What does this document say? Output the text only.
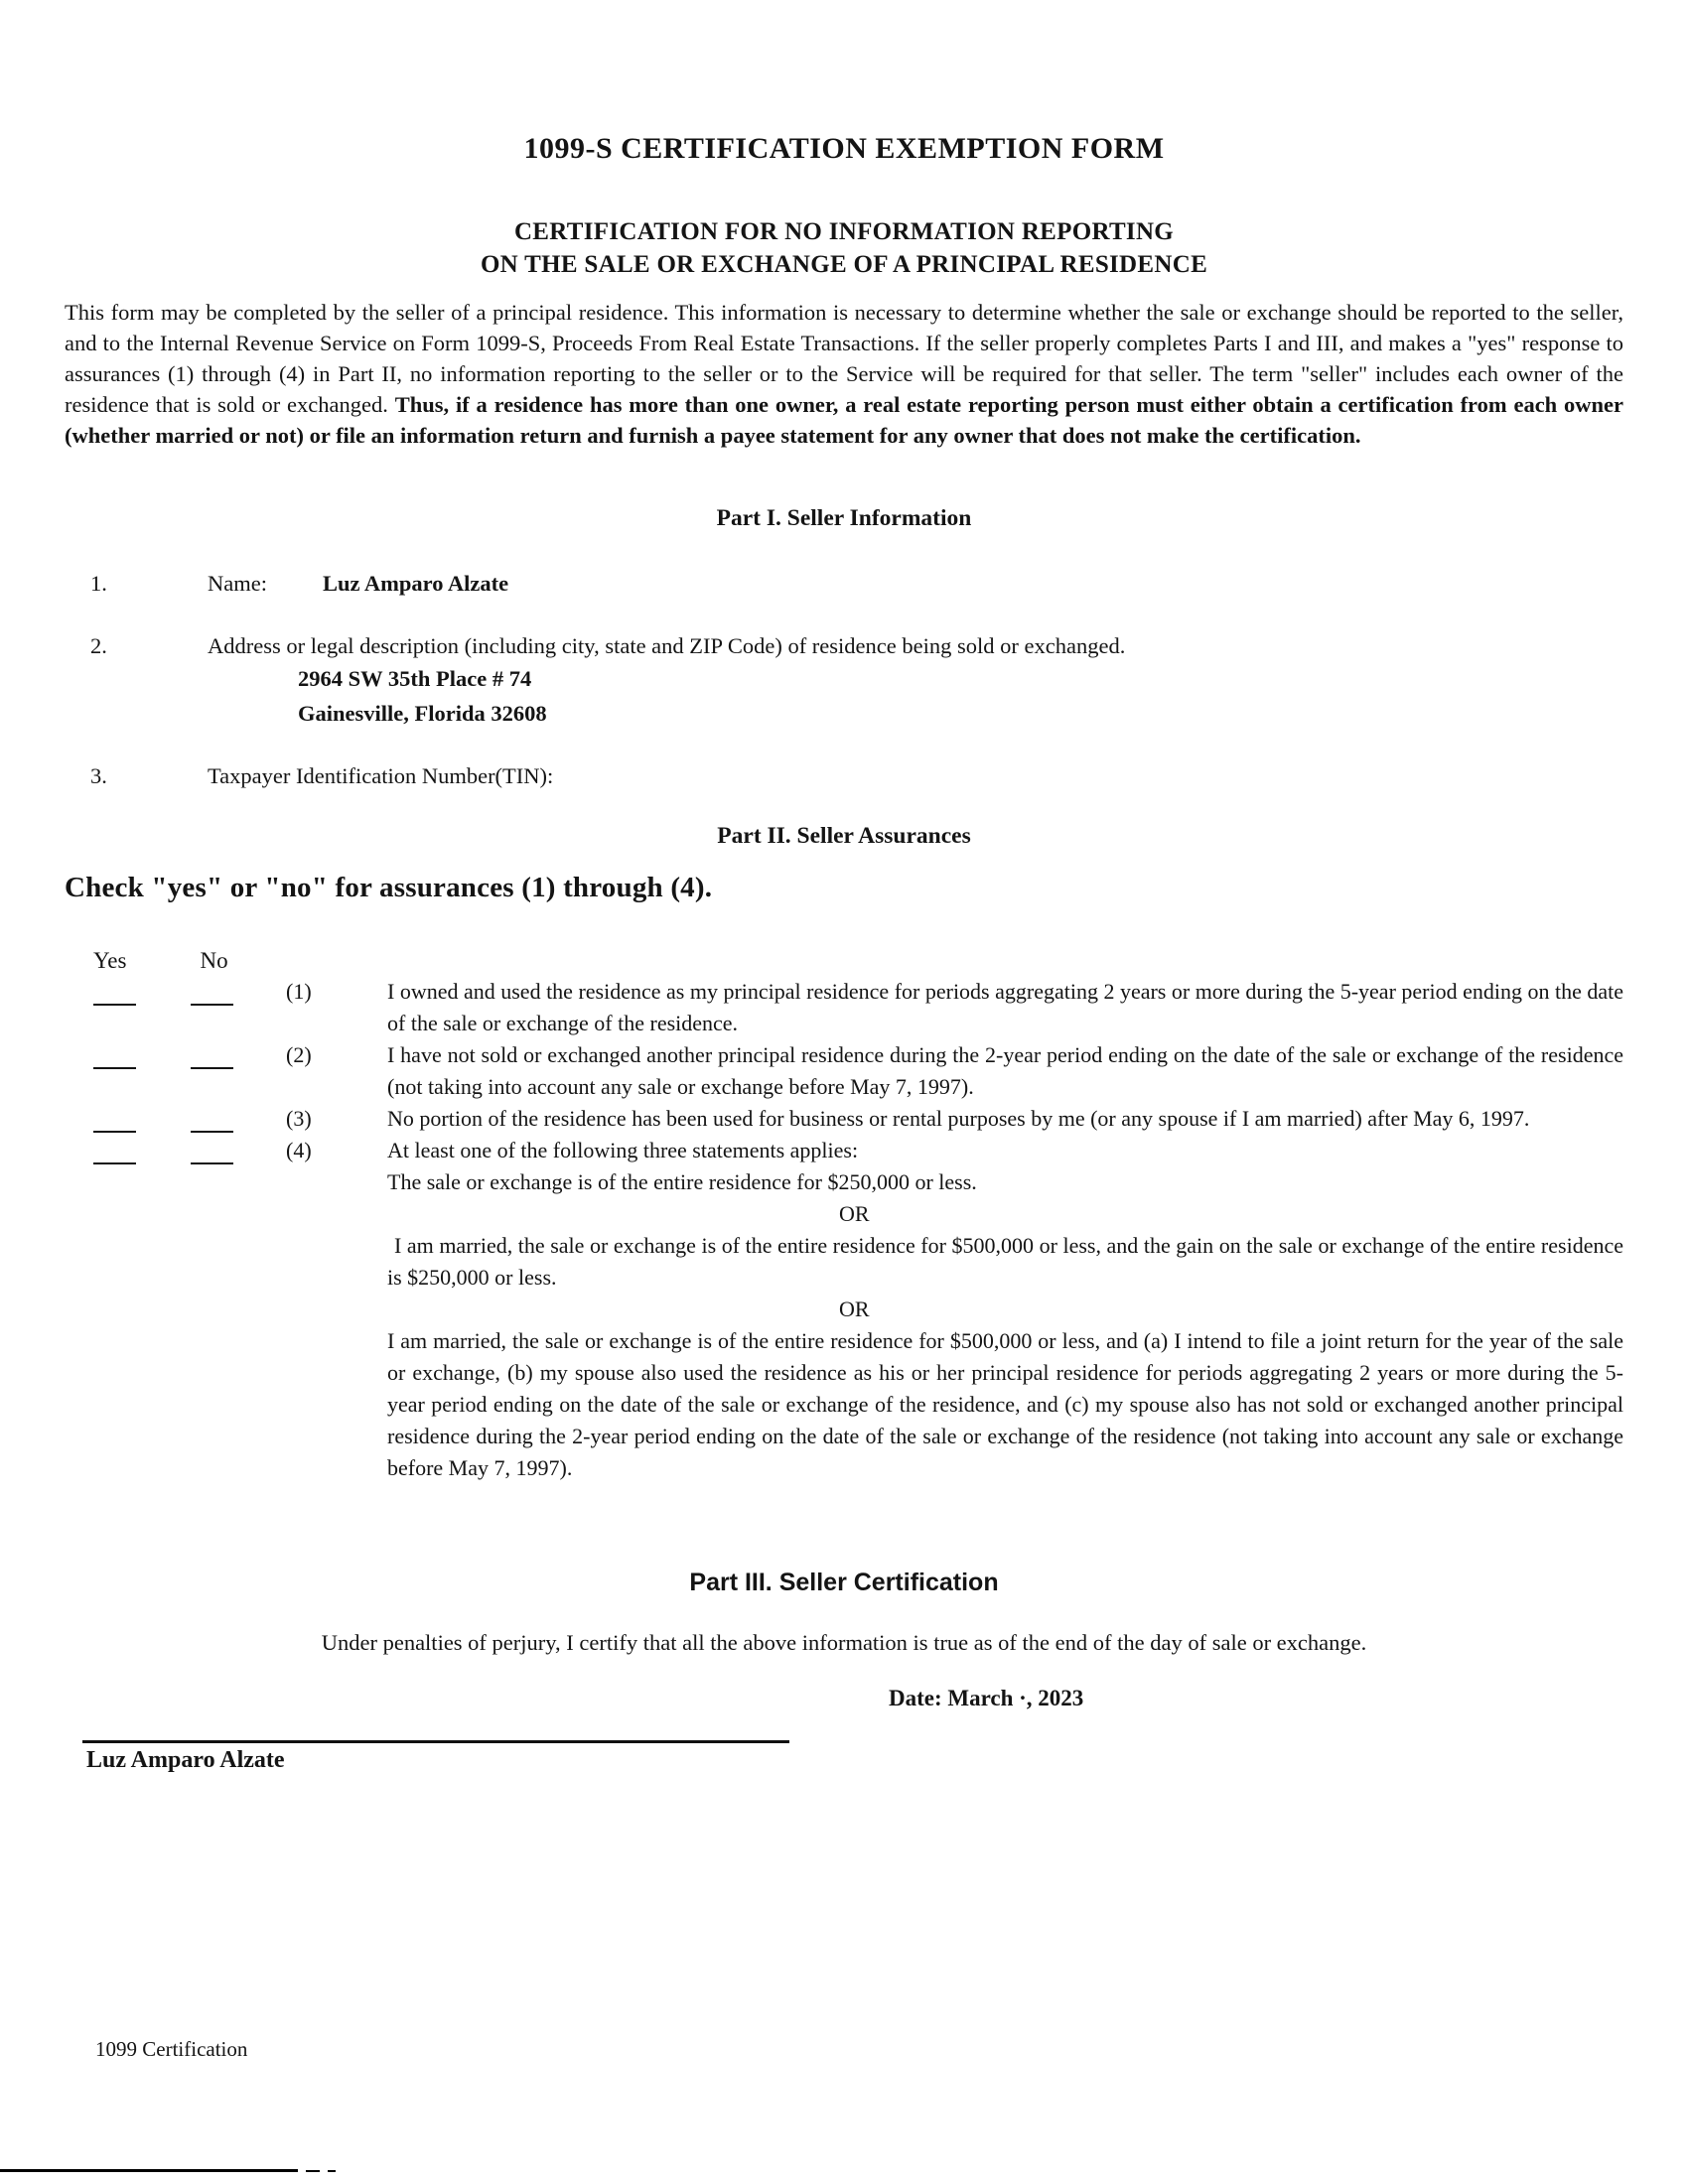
1099-S CERTIFICATION EXEMPTION FORM
CERTIFICATION FOR NO INFORMATION REPORTING
ON THE SALE OR EXCHANGE OF A PRINCIPAL RESIDENCE
This form may be completed by the seller of a principal residence. This information is necessary to determine whether the sale or exchange should be reported to the seller, and to the Internal Revenue Service on Form 1099-S, Proceeds From Real Estate Transactions. If the seller properly completes Parts I and III, and makes a "yes" response to assurances (1) through (4) in Part II, no information reporting to the seller or to the Service will be required for that seller. The term "seller" includes each owner of the residence that is sold or exchanged. Thus, if a residence has more than one owner, a real estate reporting person must either obtain a certification from each owner (whether married or not) or file an information return and furnish a payee statement for any owner that does not make the certification.
Part I. Seller Information
1.	Name:	Luz Amparo Alzate
2.	Address or legal description (including city, state and ZIP Code) of residence being sold or exchanged.
2964 SW 35th Place # 74
Gainesville, Florida 32608
3.	Taxpayer Identification Number(TIN):
Part II. Seller Assurances
Check "yes" or "no" for assurances (1) through (4).
Yes	No
(1)	I owned and used the residence as my principal residence for periods aggregating 2 years or more during the 5-year period ending on the date of the sale or exchange of the residence.
(2)	I have not sold or exchanged another principal residence during the 2-year period ending on the date of the sale or exchange of the residence (not taking into account any sale or exchange before May 7, 1997).
(3)	No portion of the residence has been used for business or rental purposes by me (or any spouse if I am married) after May 6, 1997.
(4)	At least one of the following three statements applies:
The sale or exchange is of the entire residence for $250,000 or less.
OR
I am married, the sale or exchange is of the entire residence for $500,000 or less, and the gain on the sale or exchange of the entire residence is $250,000 or less.
OR
I am married, the sale or exchange is of the entire residence for $500,000 or less, and (a) I intend to file a joint return for the year of the sale or exchange, (b) my spouse also used the residence as his or her principal residence for periods aggregating 2 years or more during the 5-year period ending on the date of the sale or exchange of the residence, and (c) my spouse also has not sold or exchanged another principal residence during the 2-year period ending on the date of the sale or exchange of the residence (not taking into account any sale or exchange before May 7, 1997).
Part III. Seller Certification
Under penalties of perjury, I certify that all the above information is true as of the end of the day of sale or exchange.
Date: March ·, 2023
Luz Amparo Alzate
1099 Certification
